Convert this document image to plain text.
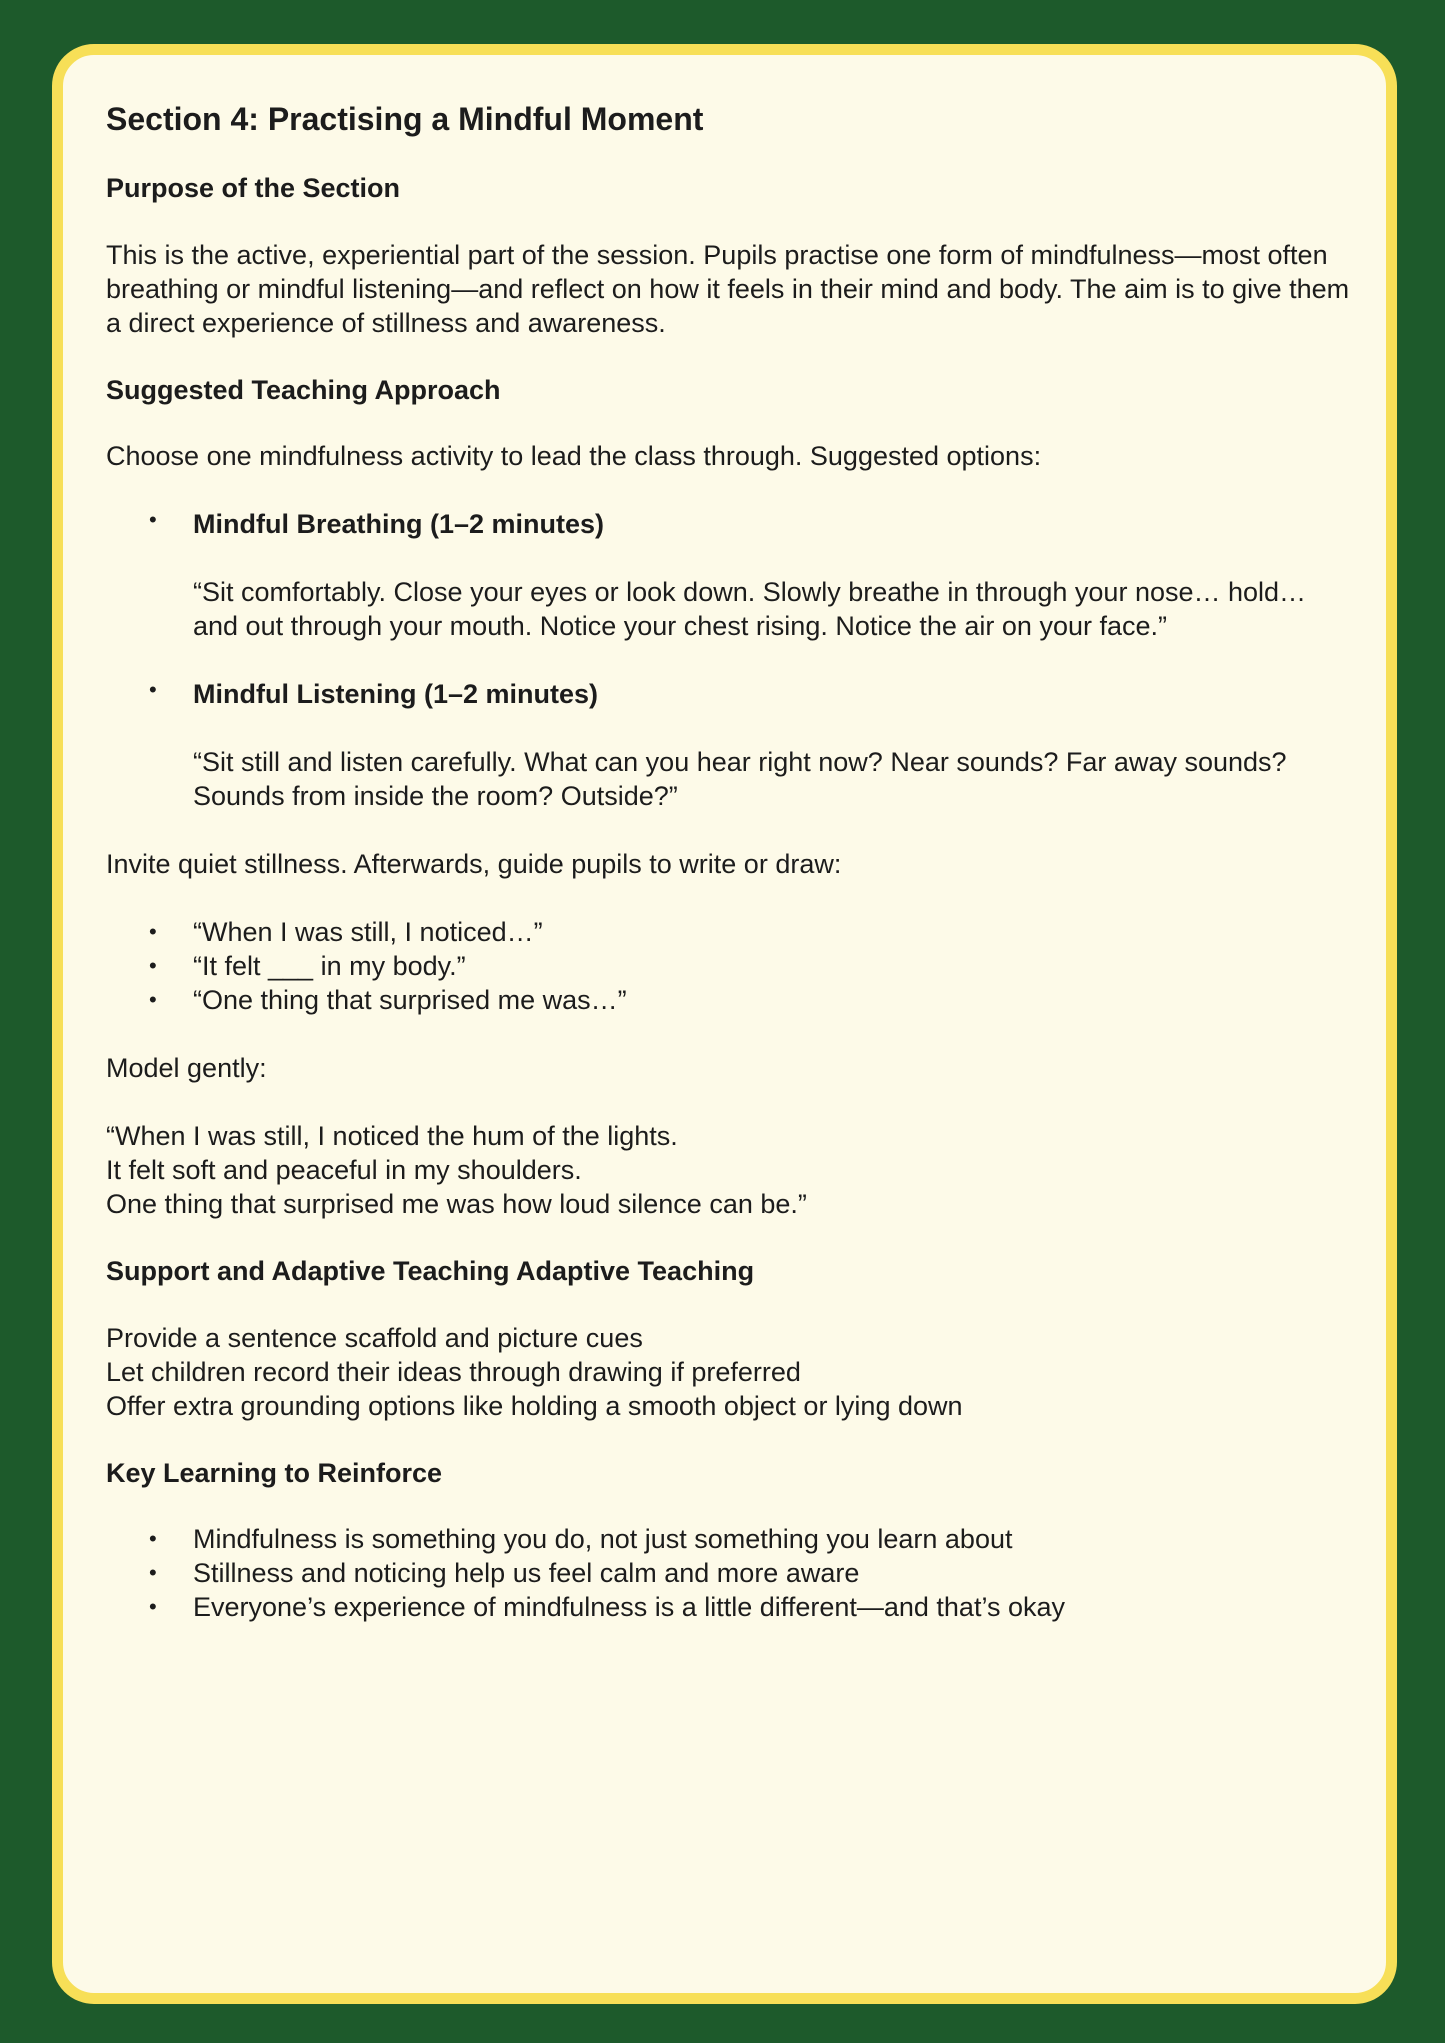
Section 4: Practising a Mindful Moment
Purpose of the Section

This is the active, experiential part of the session. Pupils practise one form of mindfulness—most often breathing or mindful listening—and reflect on how it feels in their mind and body. The aim is to give them a direct experience of stillness and awareness.

Suggested Teaching Approach

Choose one mindfulness activity to lead the class through. Suggested options:

• Mindful Breathing (1–2 minutes)

“Sit comfortably. Close your eyes or look down. Slowly breathe in through your nose… hold… and out through your mouth. Notice your chest rising. Notice the air on your face.”

• Mindful Listening (1–2 minutes)

“Sit still and listen carefully. What can you hear right now? Near sounds? Far away sounds? Sounds from inside the room? Outside?”

Invite quiet stillness. Afterwards, guide pupils to write or draw:

• “When I was still, I noticed…”
• “It felt ___ in my body.”
• “One thing that surprised me was…”

Model gently:

“When I was still, I noticed the hum of the lights.
It felt soft and peaceful in my shoulders.
One thing that surprised me was how loud silence can be.”
Support and Adaptive Teaching Adaptive Teaching
Provide a sentence scaffold and picture cues
Let children record their ideas through drawing if preferred
Offer extra grounding options like holding a smooth object or lying down
Key Learning to Reinforce
• Mindfulness is something you do, not just something you learn about
• Stillness and noticing help us feel calm and more aware
• Everyone’s experience of mindfulness is a little different—and that’s okay
